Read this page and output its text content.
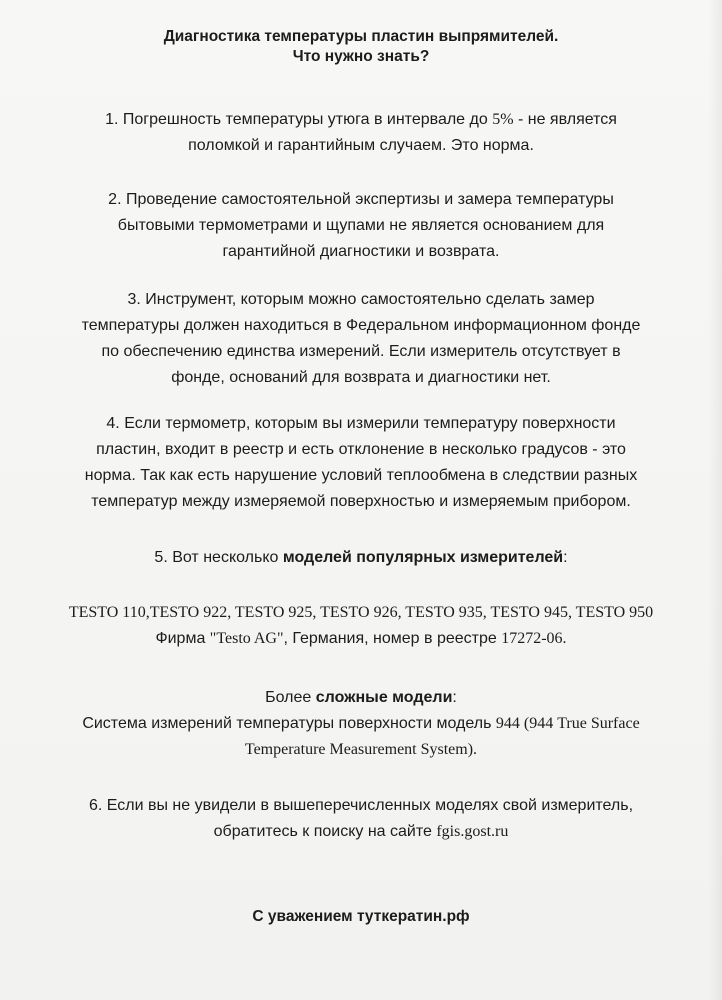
Диагностика температуры пластин выпрямителей.
Что нужно знать?
1. Погрешность температуры утюга в интервале до 5% - не является
поломкой и гарантийным случаем. Это норма.
2. Проведение самостоятельной экспертизы и замера температуры
бытовыми термометрами и щупами не является основанием для
гарантийной диагностики и возврата.
3. Инструмент, которым можно самостоятельно сделать замер
температуры должен находиться в Федеральном информационном фонде
по обеспечению единства измерений. Если измеритель отсутствует в
фонде, оснований для возврата и диагностики нет.
4. Если термометр, которым вы измерили температуру поверхности
пластин, входит в реестр и есть отклонение в несколько градусов - это
норма. Так как есть нарушение условий теплообмена в следствии разных
температур между измеряемой поверхностью и измеряемым прибором.
5. Вот несколько моделей популярных измерителей:
TESTO 110,TESTO 922, TESTO 925, TESTO 926, TESTO 935, TESTO 945, TESTO 950
Фирма "Testo AG", Германия, номер в реестре 17272-06.
Более сложные модели:
Система измерений температуры поверхности модель 944 (944 True Surface
Temperature Measurement System).
6. Если вы не увидели в вышеперечисленных моделях свой измеритель,
обратитесь к поиску на сайте fgis.gost.ru
С уважением туткератин.рф
